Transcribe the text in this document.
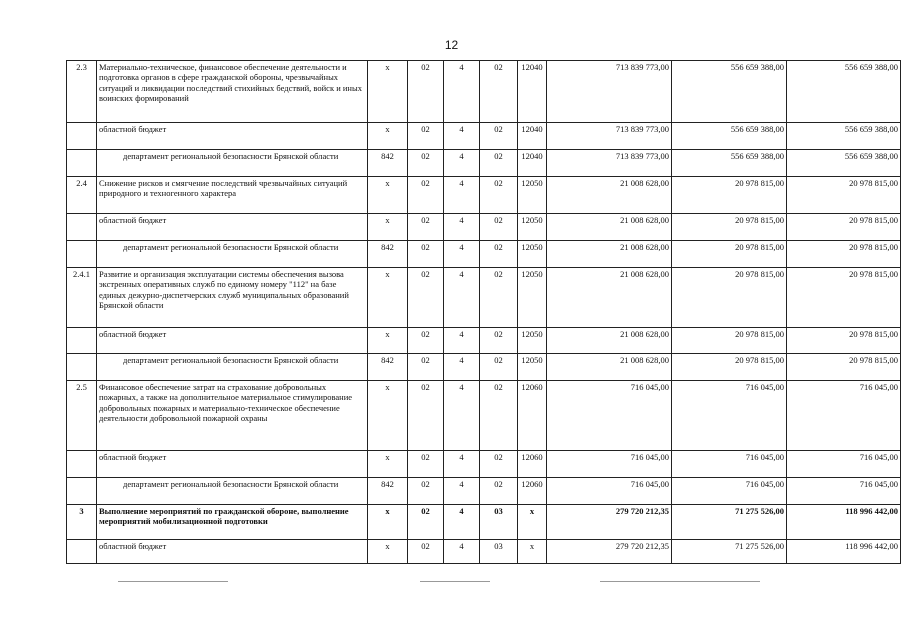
12
2.3	Материально-техническое, финансовое обеспечение деятельности и подготовка органов в сфере гражданской обороны, чрезвычайных ситуаций и ликвидации последствий стихийных бедствий, войск и иных воинских формирований	х	02	4	02	12040	713 839 773,00	556 659 388,00	556 659 388,00
	областной бюджет	х	02	4	02	12040	713 839 773,00	556 659 388,00	556 659 388,00
	департамент региональной безопасности Брянской области	842	02	4	02	12040	713 839 773,00	556 659 388,00	556 659 388,00
2.4	Снижение рисков и смягчение последствий чрезвычайных ситуаций природного и техногенного характера	х	02	4	02	12050	21 008 628,00	20 978 815,00	20 978 815,00
	областной бюджет	х	02	4	02	12050	21 008 628,00	20 978 815,00	20 978 815,00
	департамент региональной безопасности Брянской области	842	02	4	02	12050	21 008 628,00	20 978 815,00	20 978 815,00
2.4.1	Развитие и организация эксплуатации системы обеспечения вызова экстренных оперативных служб по единому номеру "112" на базе единых дежурно-диспетчерских служб муниципальных образований Брянской области	х	02	4	02	12050	21 008 628,00	20 978 815,00	20 978 815,00
	областной бюджет	х	02	4	02	12050	21 008 628,00	20 978 815,00	20 978 815,00
	департамент региональной безопасности Брянской области	842	02	4	02	12050	21 008 628,00	20 978 815,00	20 978 815,00
2.5	Финансовое обеспечение затрат на страхование добровольных пожарных, а также на дополнительное материальное стимулирование добровольных пожарных и материально-техническое обеспечение деятельности добровольной пожарной охраны	х	02	4	02	12060	716 045,00	716 045,00	716 045,00
	областной бюджет	х	02	4	02	12060	716 045,00	716 045,00	716 045,00
	департамент региональной безопасности Брянской области	842	02	4	02	12060	716 045,00	716 045,00	716 045,00
3	Выполнение мероприятий по гражданской обороне, выполнение мероприятий мобилизационной подготовки	х	02	4	03	х	279 720 212,35	71 275 526,00	118 996 442,00
	областной бюджет	х	02	4	03	х	279 720 212,35	71 275 526,00	118 996 442,00
